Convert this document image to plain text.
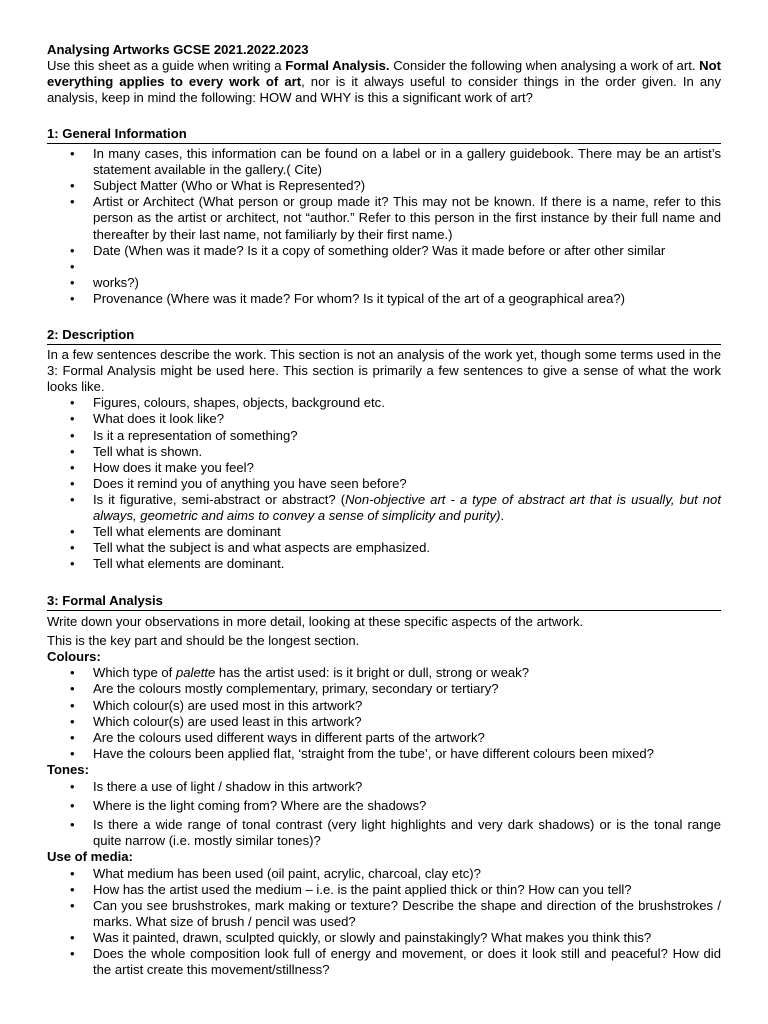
Analysing Artworks GCSE 2021.2022.2023
Use this sheet as a guide when writing a Formal Analysis. Consider the following when analysing a work of art. Not everything applies to every work of art, nor is it always useful to consider things in the order given. In any analysis, keep in mind the following: HOW and WHY is this a significant work of art?
1: General Information
• In many cases, this information can be found on a label or in a gallery guidebook. There may be an artist’s statement available in the gallery.( Cite)
• Subject Matter (Who or What is Represented?)
• Artist or Architect (What person or group made it? This may not be known. If there is a name, refer to this person as the artist or architect, not “author.” Refer to this person in the first instance by their full name and thereafter by their last name, not familiarly by their first name.)
• Date (When was it made? Is it a copy of something older? Was it made before or after other similar
•
• works?)
• Provenance (Where was it made? For whom? Is it typical of the art of a geographical area?)
2: Description
In a few sentences describe the work. This section is not an analysis of the work yet, though some terms used in the 3: Formal Analysis might be used here. This section is primarily a few sentences to give a sense of what the work looks like.
• Figures, colours, shapes, objects, background etc.
• What does it look like?
• Is it a representation of something?
• Tell what is shown.
• How does it make you feel?
• Does it remind you of anything you have seen before?
• Is it figurative, semi-abstract or abstract? (Non-objective art - a type of abstract art that is usually, but not always, geometric and aims to convey a sense of simplicity and purity).
• Tell what elements are dominant
• Tell what the subject is and what aspects are emphasized.
• Tell what elements are dominant.
3: Formal Analysis
Write down your observations in more detail, looking at these specific aspects of the artwork.
This is the key part and should be the longest section.
Colours:
• Which type of palette has the artist used: is it bright or dull, strong or weak?
• Are the colours mostly complementary, primary, secondary or tertiary?
• Which colour(s) are used most in this artwork?
• Which colour(s) are used least in this artwork?
• Are the colours used different ways in different parts of the artwork?
• Have the colours been applied flat, ‘straight from the tube’, or have different colours been mixed?
Tones:
• Is there a use of light / shadow in this artwork?
• Where is the light coming from? Where are the shadows?
• Is there a wide range of tonal contrast (very light highlights and very dark shadows) or is the tonal range quite narrow (i.e. mostly similar tones)?
Use of media:
• What medium has been used (oil paint, acrylic, charcoal, clay etc)?
• How has the artist used the medium – i.e. is the paint applied thick or thin? How can you tell?
• Can you see brushstrokes, mark making or texture? Describe the shape and direction of the brushstrokes / marks. What size of brush / pencil was used?
• Was it painted, drawn, sculpted quickly, or slowly and painstakingly? What makes you think this?
• Does the whole composition look full of energy and movement, or does it look still and peaceful? How did the artist create this movement/stillness?
